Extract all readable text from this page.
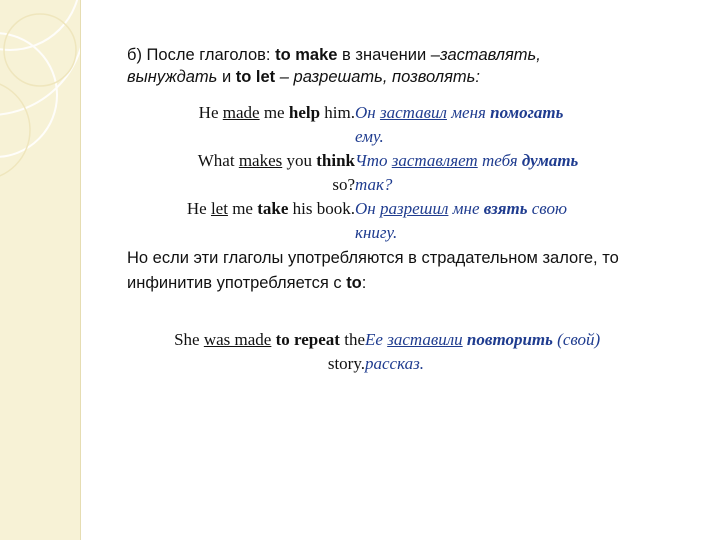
б) После глаголов: to make в значении –заставлять,
вынуждать и to let – разрешать, позволять:
He made me help him.	Он заставил меня помогать
	ему.
What makes you think	Что заставляет тебя думать
so?	так?
He let me take his book.	Он разрешил мне взять свою
	книгу.
Но если эти глаголы употребляются в страдательном залоге, то инфинитив употребляется с to:
She was made to repeat the	Ее заставили повторить (свой)
story.	рассказ.
